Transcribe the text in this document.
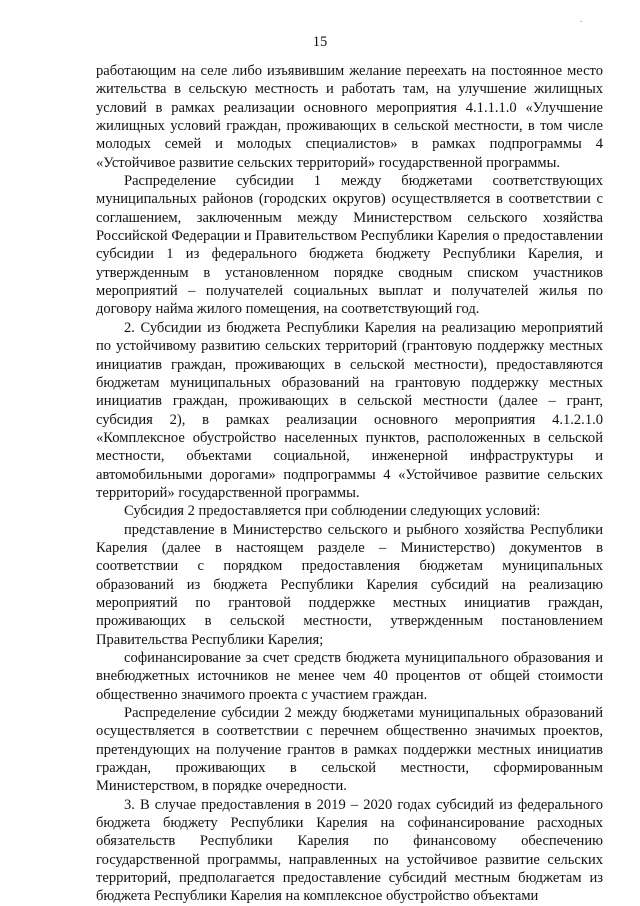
.
15

работающим на селе либо изъявившим желание переехать на постоянное место жительства в сельскую местность и работать там, на улучшение жилищных условий в рамках реализации основного мероприятия 4.1.1.1.0 «Улучшение жилищных условий граждан, проживающих в сельской местности, в том числе молодых семей и молодых специалистов» в рамках подпрограммы 4 «Устойчивое развитие сельских территорий» государственной программы.

Распределение субсидии 1 между бюджетами соответствующих муниципальных районов (городских округов) осуществляется в соответствии с соглашением, заключенным между Министерством сельского хозяйства Российской Федерации и Правительством Республики Карелия о предоставлении субсидии 1 из федерального бюджета бюджету Республики Карелия, и утвержденным в установленном порядке сводным списком участников мероприятий – получателей социальных выплат и получателей жилья по договору найма жилого помещения, на соответствующий год.

2. Субсидии из бюджета Республики Карелия на реализацию мероприятий по устойчивому развитию сельских территорий (грантовую поддержку местных инициатив граждан, проживающих в сельской местности), предоставляются бюджетам муниципальных образований на грантовую поддержку местных инициатив граждан, проживающих в сельской местности (далее – грант, субсидия 2), в рамках реализации основного мероприятия 4.1.2.1.0 «Комплексное обустройство населенных пунктов, расположенных в сельской местности, объектами социальной, инженерной инфраструктуры и автомобильными дорогами» подпрограммы 4 «Устойчивое развитие сельских территорий» государственной программы.

Субсидия 2 предоставляется при соблюдении следующих условий:

представление в Министерство сельского и рыбного хозяйства Республики Карелия (далее в настоящем разделе – Министерство) документов в соответствии с порядком предоставления бюджетам муниципальных образований из бюджета Республики Карелия субсидий на реализацию мероприятий по грантовой поддержке местных инициатив граждан, проживающих в сельской местности, утвержденным постановлением Правительства Республики Карелия;

софинансирование за счет средств бюджета муниципального образования и внебюджетных источников не менее чем 40 процентов от общей стоимости общественно значимого проекта с участием граждан.

Распределение субсидии 2 между бюджетами муниципальных образований осуществляется в соответствии с перечнем общественно значимых проектов, претендующих на получение грантов в рамках поддержки местных инициатив граждан, проживающих в сельской местности, сформированным Министерством, в порядке очередности.

3. В случае предоставления в 2019 – 2020 годах субсидий из федерального бюджета бюджету Республики Карелия на софинансирование расходных обязательств Республики Карелия по финансовому обеспечению государственной программы, направленных на устойчивое развитие сельских территорий, предполагается предоставление субсидий местным бюджетам из бюджета Республики Карелия на комплексное обустройство объектами
